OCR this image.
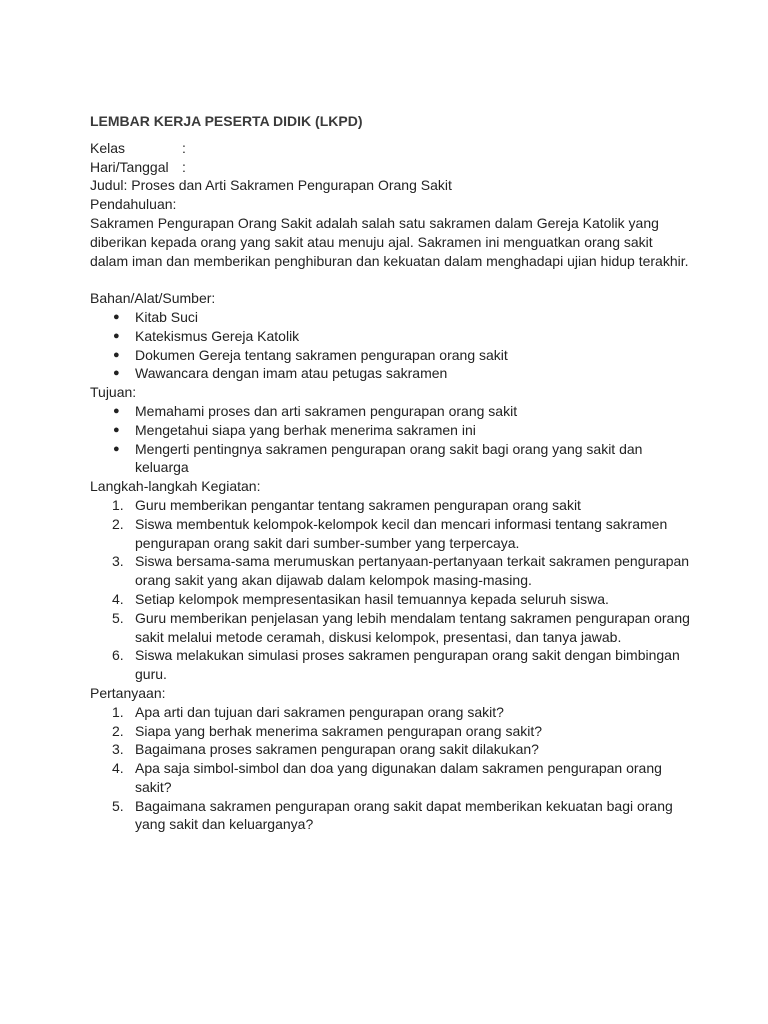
LEMBAR KERJA PESERTA DIDIK (LKPD)

Kelas	:
Hari/Tanggal :

Judul: Proses dan Arti Sakramen Pengurapan Orang Sakit

Pendahuluan:

Sakramen Pengurapan Orang Sakit adalah salah satu sakramen dalam Gereja Katolik yang diberikan kepada orang yang sakit atau menuju ajal. Sakramen ini menguatkan orang sakit dalam iman dan memberikan penghiburan dan kekuatan dalam menghadapi ujian hidup terakhir.

Bahan/Alat/Sumber:

● Kitab Suci
● Katekismus Gereja Katolik
● Dokumen Gereja tentang sakramen pengurapan orang sakit
● Wawancara dengan imam atau petugas sakramen

Tujuan:

● Memahami proses dan arti sakramen pengurapan orang sakit
● Mengetahui siapa yang berhak menerima sakramen ini
● Mengerti pentingnya sakramen pengurapan orang sakit bagi orang yang sakit dan keluarga

Langkah-langkah Kegiatan:

1. Guru memberikan pengantar tentang sakramen pengurapan orang sakit
2. Siswa membentuk kelompok-kelompok kecil dan mencari informasi tentang sakramen pengurapan orang sakit dari sumber-sumber yang terpercaya.
3. Siswa bersama-sama merumuskan pertanyaan-pertanyaan terkait sakramen pengurapan orang sakit yang akan dijawab dalam kelompok masing-masing.
4. Setiap kelompok mempresentasikan hasil temuannya kepada seluruh siswa.
5. Guru memberikan penjelasan yang lebih mendalam tentang sakramen pengurapan orang sakit melalui metode ceramah, diskusi kelompok, presentasi, dan tanya jawab.
6. Siswa melakukan simulasi proses sakramen pengurapan orang sakit dengan bimbingan guru.

Pertanyaan:

1. Apa arti dan tujuan dari sakramen pengurapan orang sakit?
2. Siapa yang berhak menerima sakramen pengurapan orang sakit?
3. Bagaimana proses sakramen pengurapan orang sakit dilakukan?
4. Apa saja simbol-simbol dan doa yang digunakan dalam sakramen pengurapan orang sakit?
5. Bagaimana sakramen pengurapan orang sakit dapat memberikan kekuatan bagi orang yang sakit dan keluarganya?
